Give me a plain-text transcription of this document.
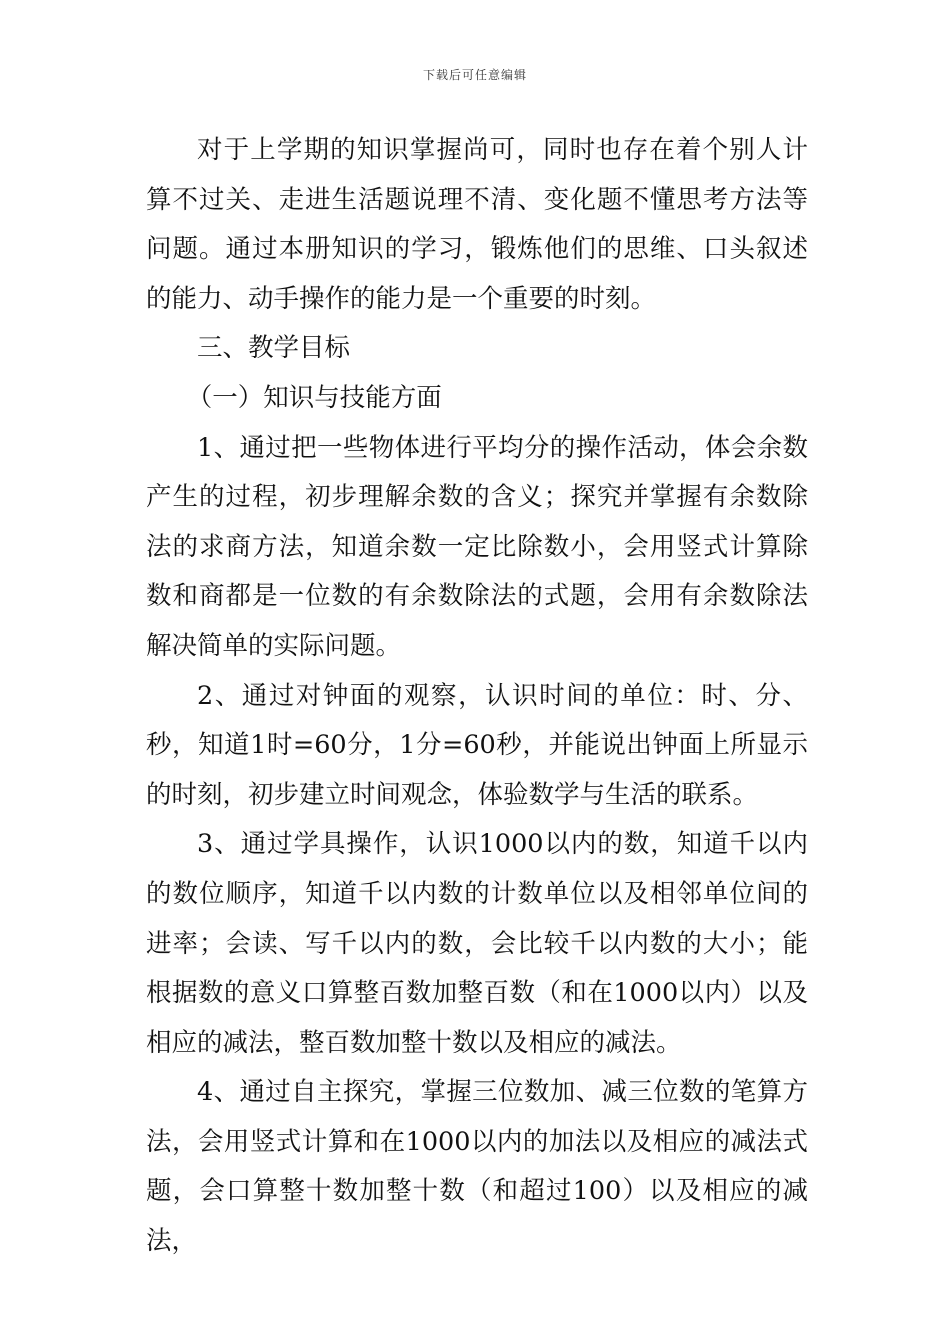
下载后可任意编辑

对于上学期的知识掌握尚可，同时也存在着个别人计算不过关、走进生活题说理不清、变化题不懂思考方法等问题。通过本册知识的学习，锻炼他们的思维、口头叙述的能力、动手操作的能力是一个重要的时刻。

三、教学目标

（一）知识与技能方面

1、通过把一些物体进行平均分的操作活动，体会余数产生的过程，初步理解余数的含义；探究并掌握有余数除法的求商方法，知道余数一定比除数小，会用竖式计算除数和商都是一位数的有余数除法的式题，会用有余数除法解决简单的实际问题。

2、通过对钟面的观察，认识时间的单位：时、分、秒，知道1时=60分，1分=60秒，并能说出钟面上所显示的时刻，初步建立时间观念，体验数学与生活的联系。

3、通过学具操作，认识1000以内的数，知道千以内的数位顺序，知道千以内数的计数单位以及相邻单位间的进率；会读、写千以内的数，会比较千以内数的大小；能根据数的意义口算整百数加整百数（和在1000以内）以及相应的减法，整百数加整十数以及相应的减法。

4、通过自主探究，掌握三位数加、减三位数的笔算方法，会用竖式计算和在1000以内的加法以及相应的减法式题，会口算整十数加整十数（和超过100）以及相应的减法，
